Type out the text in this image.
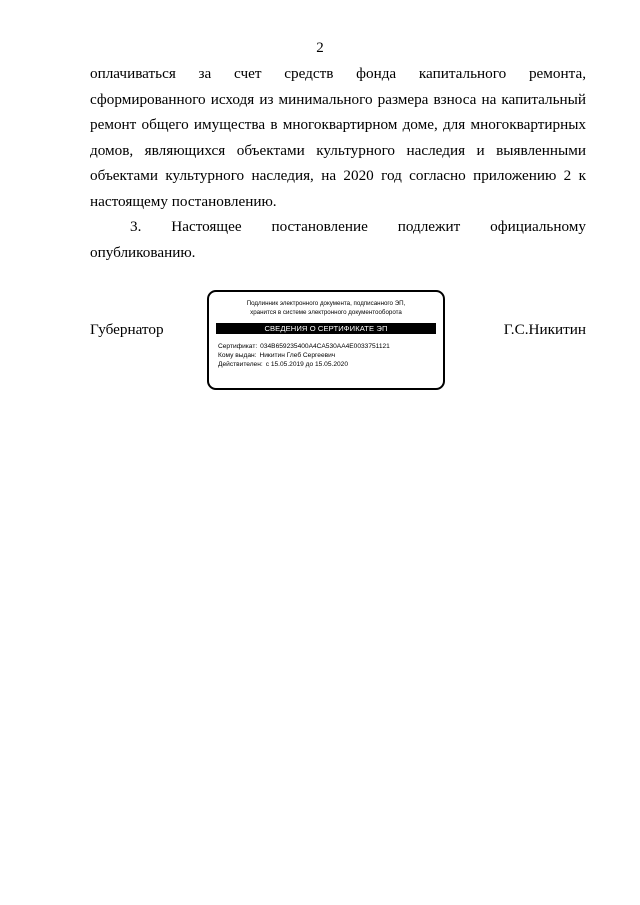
2

оплачиваться за счет средств фонда капитального ремонта,
сформированного исходя из минимального размера взноса на капитальный
ремонт общего имущества в многоквартирном доме, для многоквартирных
домов, являющихся объектами культурного наследия и выявленными
объектами культурного наследия, на 2020 год согласно приложению 2 к
настоящему постановлению.

3. Настоящее постановление подлежит официальному
опубликованию.

Губернатор	Г.С.Никитин
Подлинник электронного документа, подписанного ЭП,
хранится в системе электронного документооборота
СВЕДЕНИЯ О СЕРТИФИКАТЕ ЭП
Сертификат: 034B659235400A4CA530AA4E0033751121
Кому выдан: Никитин Глеб Сергеевич
Действителен: с 15.05.2019 до 15.05.2020
